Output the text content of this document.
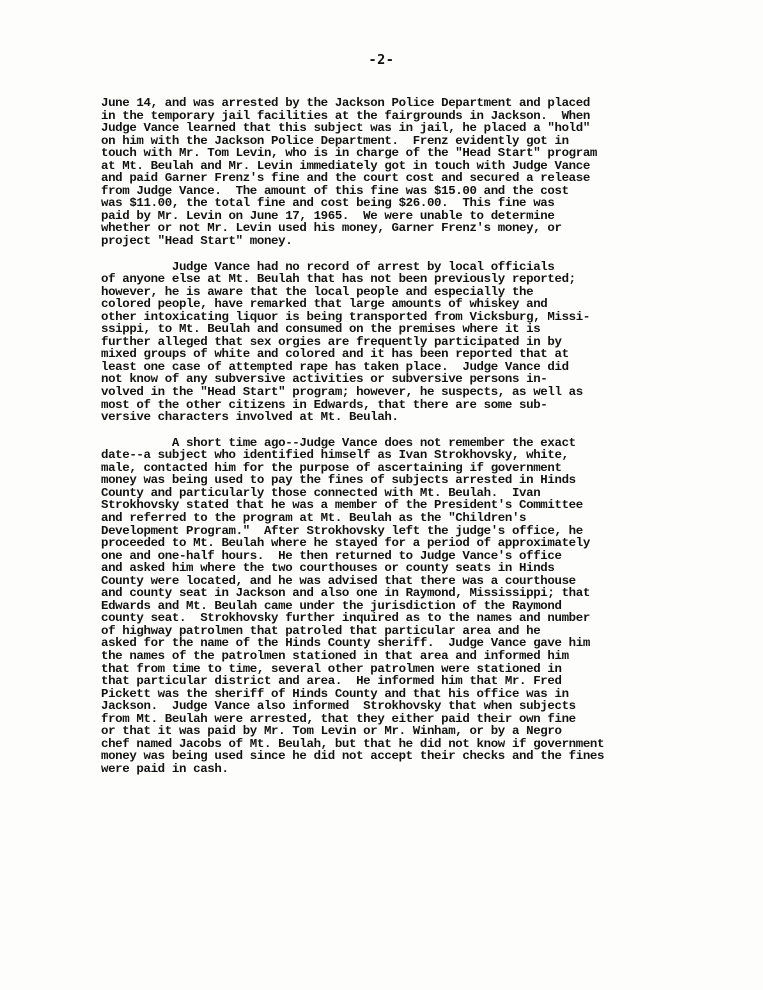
-2-
June 14, and was arrested by the Jackson Police Department and placed
in the temporary jail facilities at the fairgrounds in Jackson.  When
Judge Vance learned that this subject was in jail, he placed a "hold"
on him with the Jackson Police Department.  Frenz evidently got in
touch with Mr. Tom Levin, who is in charge of the "Head Start" program
at Mt. Beulah and Mr. Levin immediately got in touch with Judge Vance
and paid Garner Frenz's fine and the court cost and secured a release
from Judge Vance.  The amount of this fine was $15.00 and the cost
was $11.00, the total fine and cost being $26.00.  This fine was
paid by Mr. Levin on June 17, 1965.  We were unable to determine
whether or not Mr. Levin used his money, Garner Frenz's money, or
project "Head Start" money.
Judge Vance had no record of arrest by local officials
of anyone else at Mt. Beulah that has not been previously reported;
however, he is aware that the local people and especially the
colored people, have remarked that large amounts of whiskey and
other intoxicating liquor is being transported from Vicksburg, Missi-
ssippi, to Mt. Beulah and consumed on the premises where it is
further alleged that sex orgies are frequently participated in by
mixed groups of white and colored and it has been reported that at
least one case of attempted rape has taken place.  Judge Vance did
not know of any subversive activities or subversive persons in-
volved in the "Head Start" program; however, he suspects, as well as
most of the other citizens in Edwards, that there are some sub-
versive characters involved at Mt. Beulah.
A short time ago--Judge Vance does not remember the exact
date--a subject who identified himself as Ivan Strokhovsky, white,
male, contacted him for the purpose of ascertaining if government
money was being used to pay the fines of subjects arrested in Hinds
County and particularly those connected with Mt. Beulah.  Ivan
Strokhovsky stated that he was a member of the President's Committee
and referred to the program at Mt. Beulah as the "Children's
Development Program."  After Strokhovsky left the judge's office, he
proceeded to Mt. Beulah where he stayed for a period of approximately
one and one-half hours.  He then returned to Judge Vance's office
and asked him where the two courthouses or county seats in Hinds
County were located, and he was advised that there was a courthouse
and county seat in Jackson and also one in Raymond, Mississippi; that
Edwards and Mt. Beulah came under the jurisdiction of the Raymond
county seat.  Strokhovsky further inquired as to the names and number
of highway patrolmen that patroled that particular area and he
asked for the name of the Hinds County sheriff.  Judge Vance gave him
the names of the patrolmen stationed in that area and informed him
that from time to time, several other patrolmen were stationed in
that particular district and area.  He informed him that Mr. Fred
Pickett was the sheriff of Hinds County and that his office was in
Jackson.  Judge Vance also informed  Strokhovsky that when subjects
from Mt. Beulah were arrested, that they either paid their own fine
or that it was paid by Mr. Tom Levin or Mr. Winham, or by a Negro
chef named Jacobs of Mt. Beulah, but that he did not know if government
money was being used since he did not accept their checks and the fines
were paid in cash.
